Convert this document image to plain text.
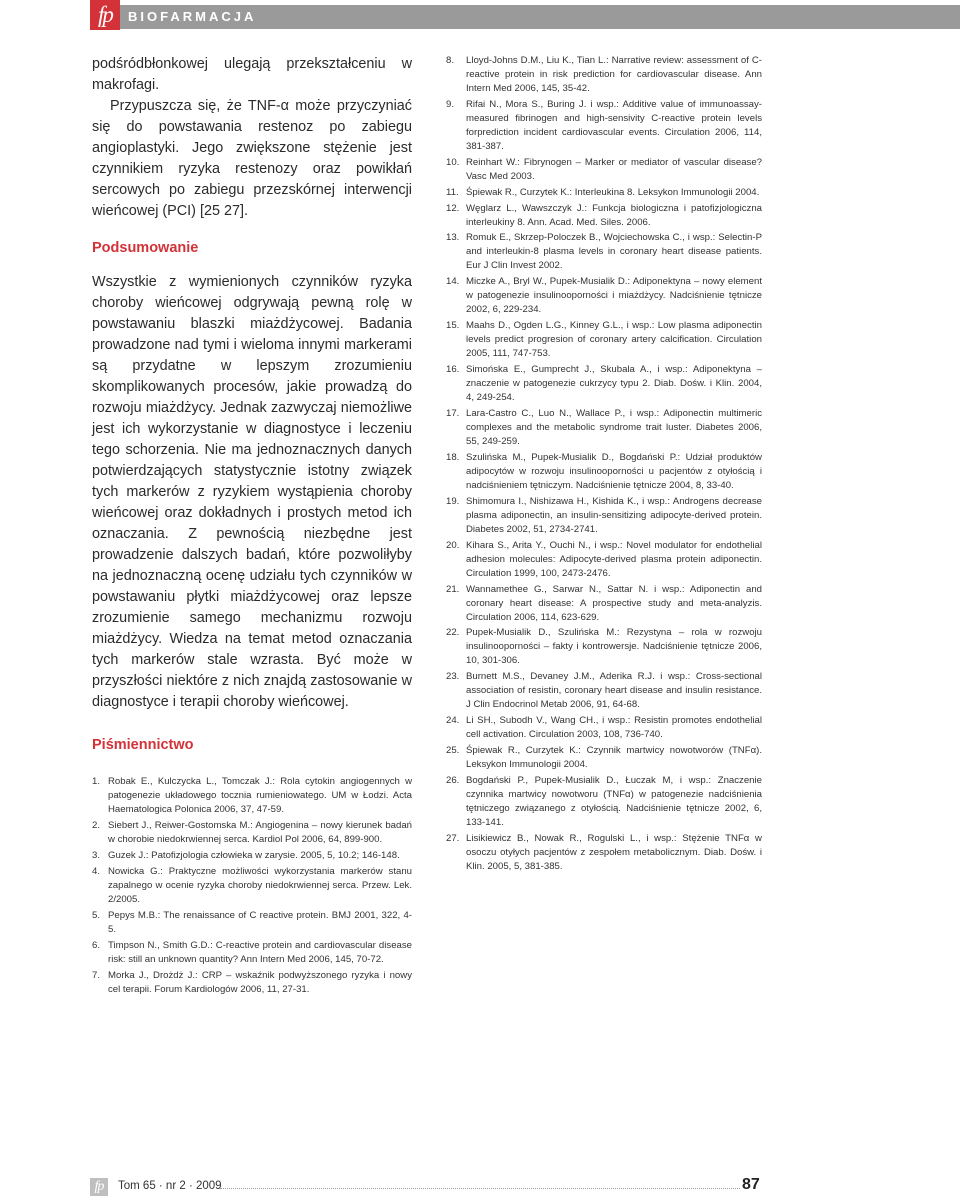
fp	BIOFARMACJA

podśródbłonkowej ulegają przekształceniu w makrofagi.

Przypuszcza się, że TNF-α może przyczyniać się do powstawania restenoz po zabiegu angioplastyki. Jego zwiększone stężenie jest czynnikiem ryzyka restenozy oraz powikłań sercowych po zabiegu przezskórnej interwencji wieńcowej (PCI) [25 27].

Podsumowanie

Wszystkie z wymienionych czynników ryzyka choroby wieńcowej odgrywają pewną rolę w powstawaniu blaszki miażdżycowej. Badania prowadzone nad tymi i wieloma innymi markerami są przydatne w lepszym zrozumieniu skomplikowanych procesów, jakie prowadzą do rozwoju miażdżycy. Jednak zazwyczaj niemożliwe jest ich wykorzystanie w diagnostyce i leczeniu tego schorzenia. Nie ma jednoznacznych danych potwierdzających statystycznie istotny związek tych markerów z ryzykiem wystąpienia choroby wieńcowej oraz dokładnych i prostych metod ich oznaczania. Z pewnością niezbędne jest prowadzenie dalszych badań, które pozwoliłyby na jednoznaczną ocenę udziału tych czynników w powstawaniu płytki miażdżycowej oraz lepsze zrozumienie samego mechanizmu rozwoju miażdżycy. Wiedza na temat metod oznaczania tych markerów stale wzrasta. Być może w przyszłości niektóre z nich znajdą zastosowanie w diagnostyce i terapii choroby wieńcowej.

Piśmiennictwo
1. Robak E., Kulczycka L., Tomczak J.: Rola cytokin angiogennych w patogenezie układowego tocznia rumieniowatego. UM w Łodzi. Acta Haematologica Polonica 2006, 37, 47-59.
2. Siebert J., Reiwer-Gostomska M.: Angiogenina – nowy kierunek badań w chorobie niedokrwiennej serca. Kardiol Pol 2006, 64, 899-900.
3. Guzek J.: Patofizjologia człowieka w zarysie. 2005, 5, 10.2; 146-148.
4. Nowicka G.: Praktyczne możliwości wykorzystania markerów stanu zapalnego w ocenie ryzyka choroby niedokrwiennej serca. Przew. Lek. 2/2005.
5. Pepys M.B.: The renaissance of C reactive protein. BMJ 2001, 322, 4-5.
6. Timpson N., Smith G.D.: C-reactive protein and cardiovascular disease risk: still an unknown quantity? Ann Intern Med 2006, 145, 70-72.
7. Morka J., Drożdż J.: CRP – wskaźnik podwyższonego ryzyka i nowy cel terapii. Forum Kardiologów 2006, 11, 27-31.
8. Lloyd-Johns D.M., Liu K., Tian L.: Narrative review: assessment of C-reactive protein in risk prediction for cardiovascular disease. Ann Intern Med 2006, 145, 35-42.
9. Rifai N., Mora S., Buring J. i wsp.: Additive value of immunoassay-measured fibrinogen and high-sensivity C-reactive protein levels forprediction incident cardiovascular events. Circulation 2006, 114, 381-387.
10. Reinhart W.: Fibrynogen – Marker or mediator of vascular disease? Vasc Med 2003.
11. Śpiewak R., Curzytek K.: Interleukina 8. Leksykon Immunologii 2004.
12. Węglarz L., Wawszczyk J.: Funkcja biologiczna i patofizjologiczna interleukiny 8. Ann. Acad. Med. Siles. 2006.
13. Romuk E., Skrzep-Poloczek B., Wojciechowska C., i wsp.: Selectin-P and interleukin-8 plasma levels in coronary heart disease patients. Eur J Clin Invest 2002.
14. Miczke A., Bryl W., Pupek-Musialik D.: Adiponektyna – nowy element w patogenezie insulinooporności i miażdżycy. Nadciśnienie tętnicze 2002, 6, 229-234.
15. Maahs D., Ogden L.G., Kinney G.L., i wsp.: Low plasma adiponectin levels predict progresion of coronary artery calcification. Circulation 2005, 111, 747-753.
16. Simońska E., Gumprecht J., Skubala A., i wsp.: Adiponektyna – znaczenie w patogenezie cukrzycy typu 2. Diab. Dośw. i Klin. 2004, 4, 249-254.
17. Lara-Castro C., Luo N., Wallace P., i wsp.: Adiponectin multimeric complexes and the metabolic syndrome trait luster. Diabetes 2006, 55, 249-259.
18. Szulińska M., Pupek-Musialik D., Bogdański P.: Udział produktów adipocytów w rozwoju insulinooporności u pacjentów z otyłością i nadciśnieniem tętniczym. Nadciśnienie tętnicze 2004, 8, 33-40.
19. Shimomura I., Nishizawa H., Kishida K., i wsp.: Androgens decrease plasma adiponectin, an insulin-sensitizing adipocyte-derived protein. Diabetes 2002, 51, 2734-2741.
20. Kihara S., Arita Y., Ouchi N., i wsp.: Novel modulator for endothelial adhesion molecules: Adipocyte-derived plasma protein adiponectin. Circulation 1999, 100, 2473-2476.
21. Wannamethee G., Sarwar N., Sattar N. i wsp.: Adiponectin and coronary heart disease: A prospective study and meta-analyzis. Circulation 2006, 114, 623-629.
22. Pupek-Musialik D., Szulińska M.: Rezystyna – rola w rozwoju insulinooporności – fakty i kontrowersje. Nadciśnienie tętnicze 2006, 10, 301-306.
23. Burnett M.S., Devaney J.M., Aderika R.J. i wsp.: Cross-sectional association of resistin, coronary heart disease and insulin resistance. J Clin Endocrinol Metab 2006, 91, 64-68.
24. Li SH., Subodh V., Wang CH., i wsp.: Resistin promotes endothelial cell activation. Circulation 2003, 108, 736-740.
25. Śpiewak R., Curzytek K.: Czynnik martwicy nowotworów (TNFα). Leksykon Immunologii 2004.
26. Bogdański P., Pupek-Musialik D., Łuczak M, i wsp.: Znaczenie czynnika martwicy nowotworu (TNFα) w patogenezie nadciśnienia tętniczego związanego z otyłością. Nadciśnienie tętnicze 2002, 6, 133-141.
27. Lisikiewicz B., Nowak R., Rogulski L., i wsp.: Stężenie TNFα w osoczu otyłych pacjentów z zespołem metabolicznym. Diab. Dośw. i Klin. 2005, 5, 381-385.
fp	Tom 65 · nr 2 · 2009	87
